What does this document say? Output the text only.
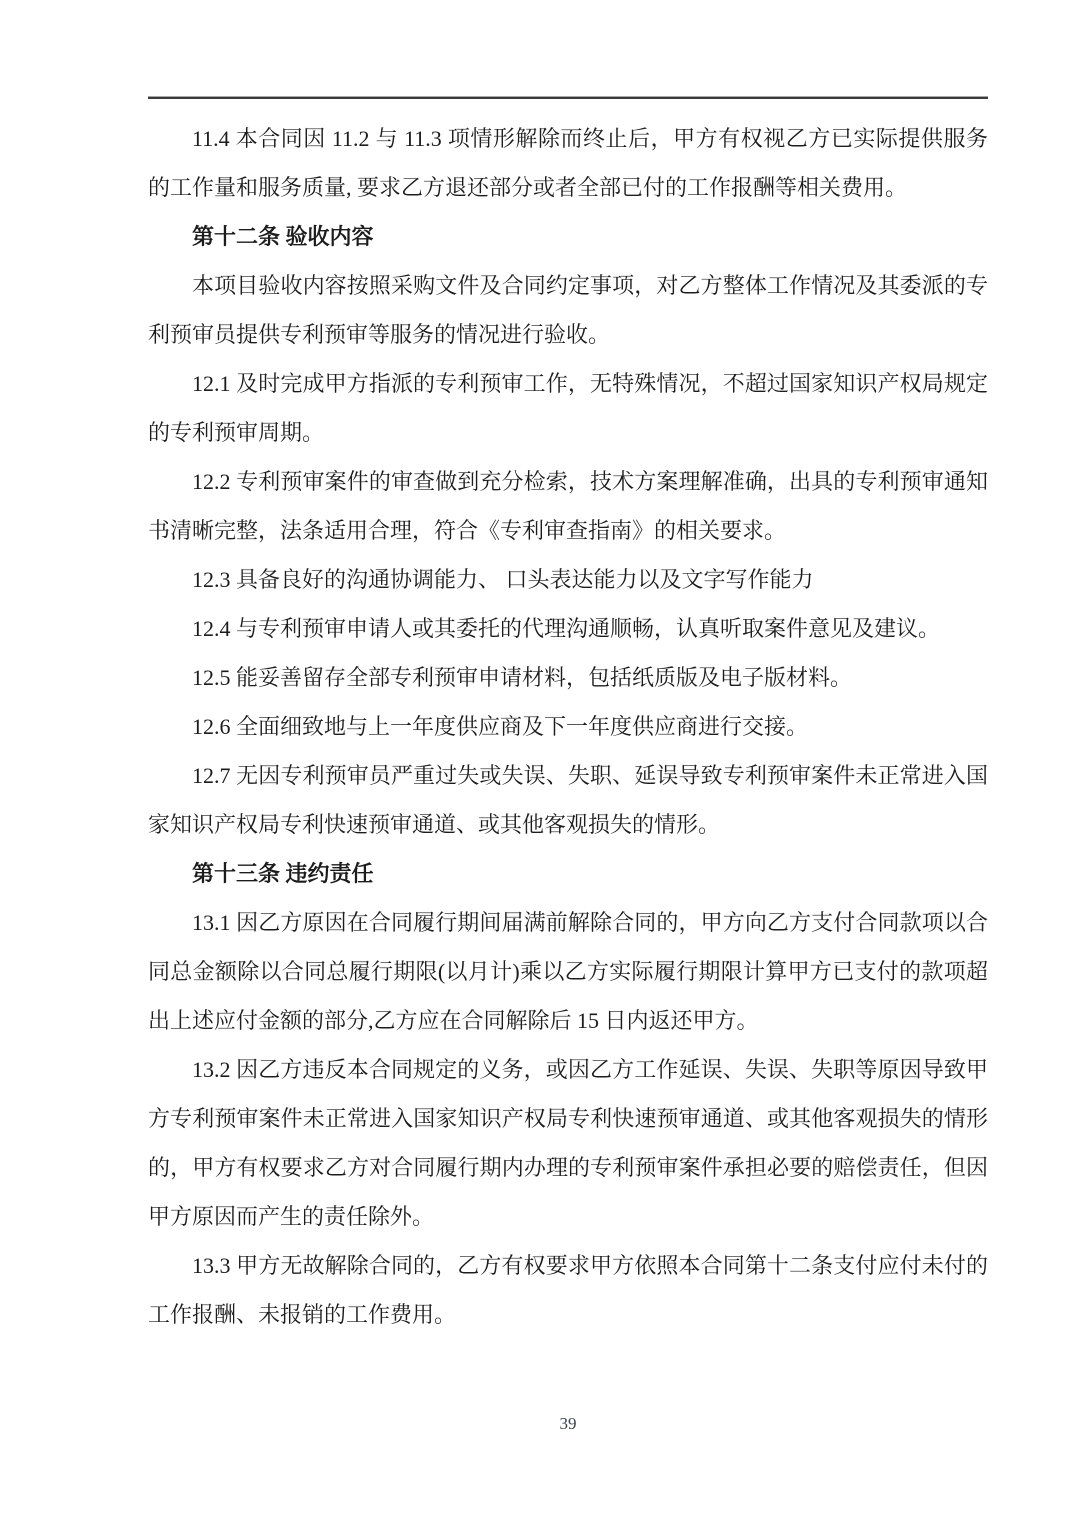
11.4 本合同因 11.2 与 11.3 项情形解除而终止后，甲方有权视乙方已实际提供服务的工作量和服务质量, 要求乙方退还部分或者全部已付的工作报酬等相关费用。

第十二条 验收内容

本项目验收内容按照采购文件及合同约定事项，对乙方整体工作情况及其委派的专利预审员提供专利预审等服务的情况进行验收。

12.1 及时完成甲方指派的专利预审工作，无特殊情况，不超过国家知识产权局规定的专利预审周期。

12.2 专利预审案件的审查做到充分检索，技术方案理解准确，出具的专利预审通知书清晰完整，法条适用合理，符合《专利审查指南》的相关要求。

12.3 具备良好的沟通协调能力、 口头表达能力以及文字写作能力

12.4 与专利预审申请人或其委托的代理沟通顺畅，认真听取案件意见及建议。

12.5 能妥善留存全部专利预审申请材料，包括纸质版及电子版材料。

12.6 全面细致地与上一年度供应商及下一年度供应商进行交接。

12.7 无因专利预审员严重过失或失误、失职、延误导致专利预审案件未正常进入国家知识产权局专利快速预审通道、或其他客观损失的情形。

第十三条 违约责任

13.1 因乙方原因在合同履行期间届满前解除合同的，甲方向乙方支付合同款项以合同总金额除以合同总履行期限(以月计)乘以乙方实际履行期限计算甲方已支付的款项超出上述应付金额的部分,乙方应在合同解除后 15 日内返还甲方。

13.2 因乙方违反本合同规定的义务，或因乙方工作延误、失误、失职等原因导致甲方专利预审案件未正常进入国家知识产权局专利快速预审通道、或其他客观损失的情形的，甲方有权要求乙方对合同履行期内办理的专利预审案件承担必要的赔偿责任，但因甲方原因而产生的责任除外。

13.3 甲方无故解除合同的，乙方有权要求甲方依照本合同第十二条支付应付未付的工作报酬、未报销的工作费用。

39
